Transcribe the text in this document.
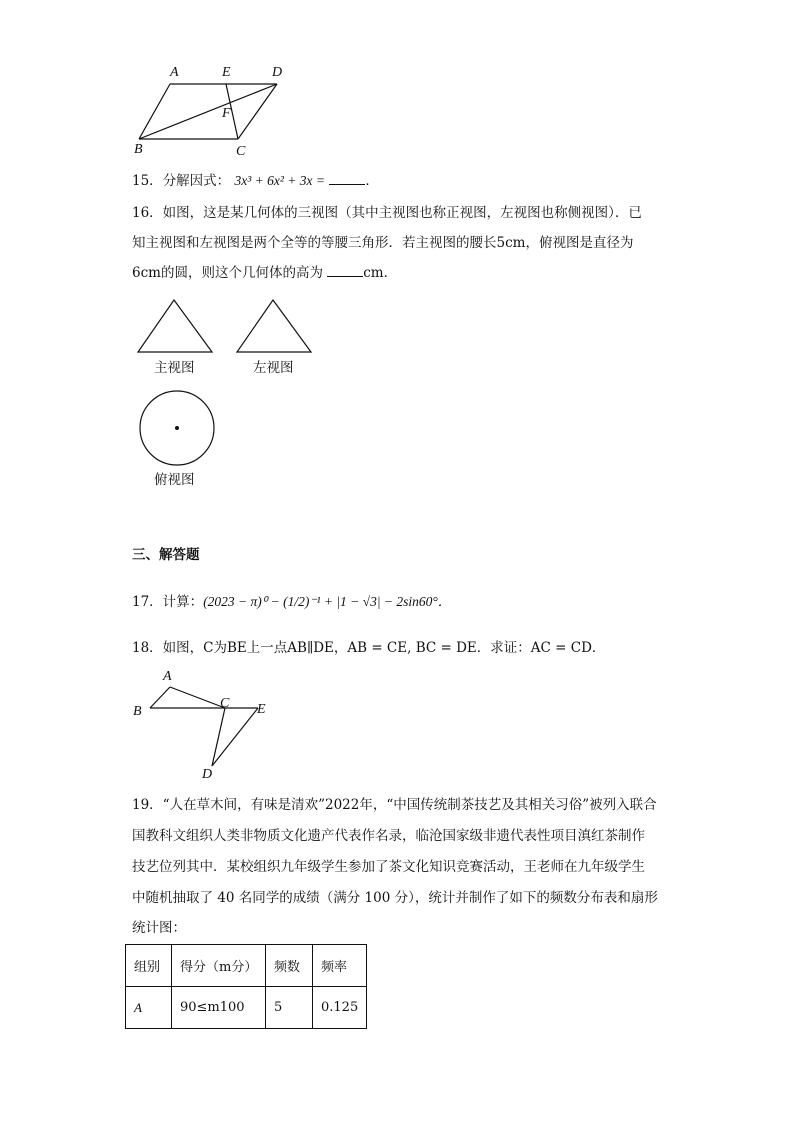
A	E	D
F
B	C
15．分解因式： 3x³ + 6x² + 3x =	．
16．如图，这是某几何体的三视图（其中主视图也称正视图，左视图也称侧视图）．已
知主视图和左视图是两个全等的等腰三角形．若主视图的腰长5cm，俯视图是直径为
6cm的圆，则这个几何体的高为	cm．
主视图	左视图
俯视图
三、解答题
17．计算：(2023 − π)⁰ − (1/2)⁻¹ + |1 − √3| − 2sin60°．
18．如图，C为BE上一点AB∥DE，AB = CE, BC = DE．求证：AC = CD．
A
B
C E
D
19．“人在草木间，有味是清欢”2022年，“中国传统制茶技艺及其相关习俗”被列入联合
国教科文组织人类非物质文化遗产代表作名录，临沧国家级非遗代表性项目滇红茶制作
技艺位列其中．某校组织九年级学生参加了茶文化知识竞赛活动，王老师在九年级学生
中随机抽取了 40 名同学的成绩（满分 100 分），统计并制作了如下的频数分布表和扇形
统计图：
组别	得分（m分）	频数	频率
A	90≤m100	5	0.125
